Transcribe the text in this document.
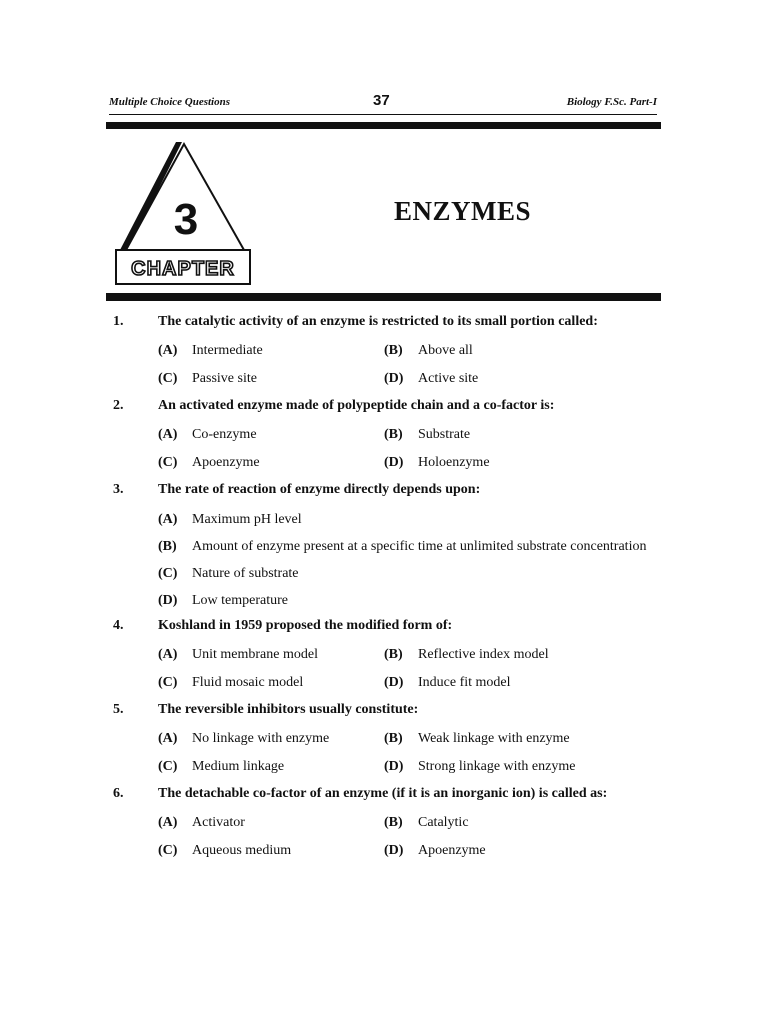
Multiple Choice Questions	37	Biology F.Sc. Part-I
3
CHAPTER
ENZYMES
1. The catalytic activity of an enzyme is restricted to its small portion called:
(A) Intermediate	(B) Above all
(C) Passive site	(D) Active site
2. An activated enzyme made of polypeptide chain and a co-factor is:
(A) Co-enzyme	(B) Substrate
(C) Apoenzyme	(D) Holoenzyme
3. The rate of reaction of enzyme directly depends upon:
(A)	Maximum pH level
(B)	Amount of enzyme present at a specific time at unlimited substrate concentration
(C)	Nature of substrate
(D)	Low temperature
4. Koshland in 1959 proposed the modified form of:
(A) Unit membrane model	(B) Reflective index model
(C) Fluid mosaic model	(D) Induce fit model
5. The reversible inhibitors usually constitute:
(A) No linkage with enzyme	(B) Weak linkage with enzyme
(C) Medium linkage	(D) Strong linkage with enzyme
6. The detachable co-factor of an enzyme (if it is an inorganic ion) is called as:
(A) Activator	(B) Catalytic
(C) Aqueous medium	(D) Apoenzyme
